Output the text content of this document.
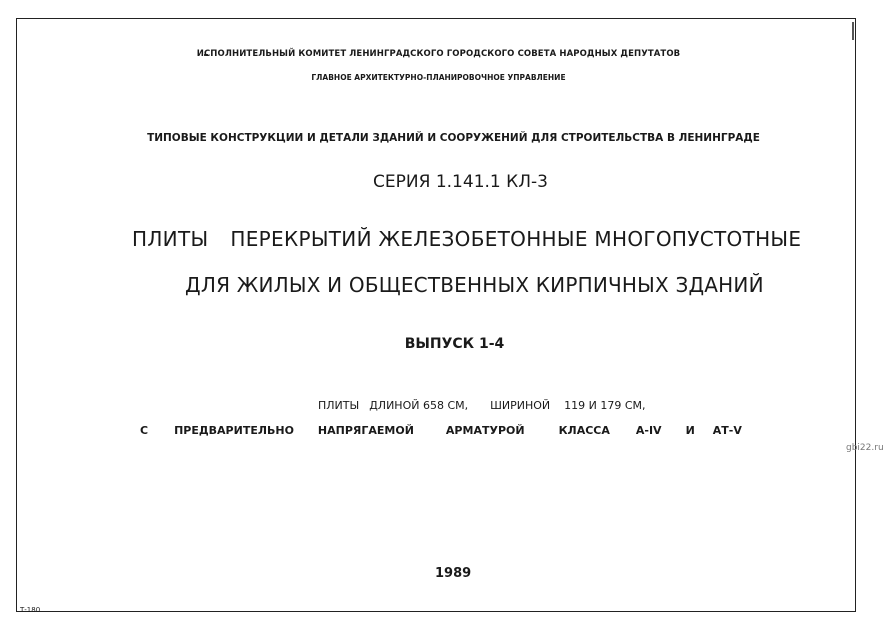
ИСПОЛНИТЕЛЬНЫЙ КОМИТЕТ ЛЕНИНГРАДСКОГО ГОРОДСКОГО СОВЕТА НАРОДНЫХ ДЕПУТАТОВ
ГЛАВНОЕ АРХИТЕКТУРНО-ПЛАНИРОВОЧНОЕ УПРАВЛЕНИЕ
ТИПОВЫЕ КОНСТРУКЦИИ И ДЕТАЛИ ЗДАНИЙ И СООРУЖЕНИЙ ДЛЯ СТРОИТЕЛЬСТВА В ЛЕНИНГРАДЕ
СЕРИЯ 1.141.1 КЛ-3
ПЛИТЫ ПЕРЕКРЫТИЙ ЖЕЛЕЗОБЕТОННЫЕ МНОГОПУСТОТНЫЕ
ДЛЯ ЖИЛЫХ И ОБЩЕСТВЕННЫХ КИРПИЧНЫХ ЗДАНИЙ
ВЫПУСК 1-4
ПЛИТЫ ДЛИНОЙ 658 СМ, ШИРИНОЙ 119 И 179 СМ,
С ПРЕДВАРИТЕЛЬНО НАПРЯГАЕМОЙ	АРМАТУРОЙ	КЛАССА А-IV И АТ-V
1989
Т-180
gbi22.ru
